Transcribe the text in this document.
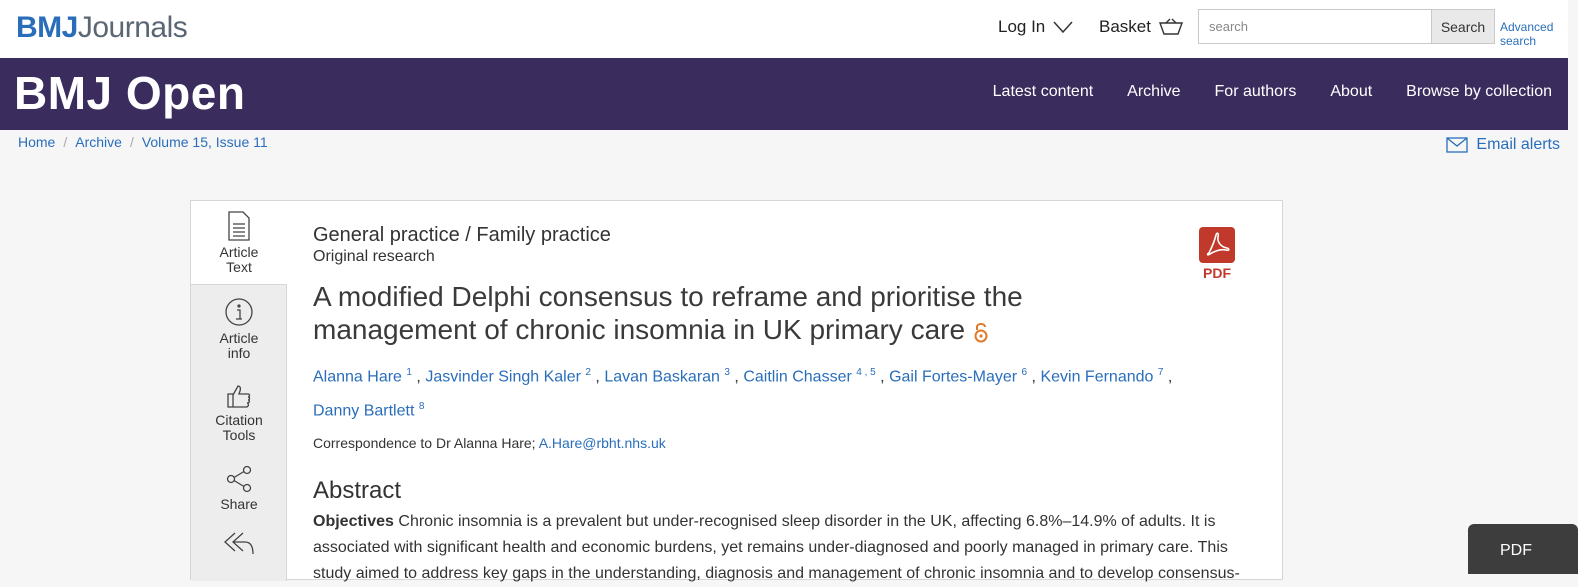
BMJJournals	Log In	Basket
search	Search	Advanced search
BMJ Open	Latest content Archive For authors About Browse by collection
Home / Archive / Volume 15, Issue 11	Email alerts
Article
Text
Article
info
Citation
Tools
Share
PDF
General practice / Family practice
Original research
A modified Delphi consensus to reframe and prioritise the management of chronic insomnia in UK primary care
Alanna Hare $^1$ , Jasvinder Singh Kaler $^2$ , Lavan Baskaran $^3$ , Caitlin Chasser $^{4 , 5}$ , Gail Fortes-Mayer $^6$ , Kevin Fernando $^7$ , Danny Bartlett $^8$
Correspondence to Dr Alanna Hare; A.Hare@rbht.nhs.uk
Abstract
Objectives Chronic insomnia is a prevalent but under-recognised sleep disorder in the UK, affecting 6.8%–14.9% of adults. It is associated with significant health and economic burdens, yet remains under-diagnosed and poorly managed in primary care. This study aimed to address key gaps in the understanding, diagnosis and management of chronic insomnia and to develop consensus-
PDF
